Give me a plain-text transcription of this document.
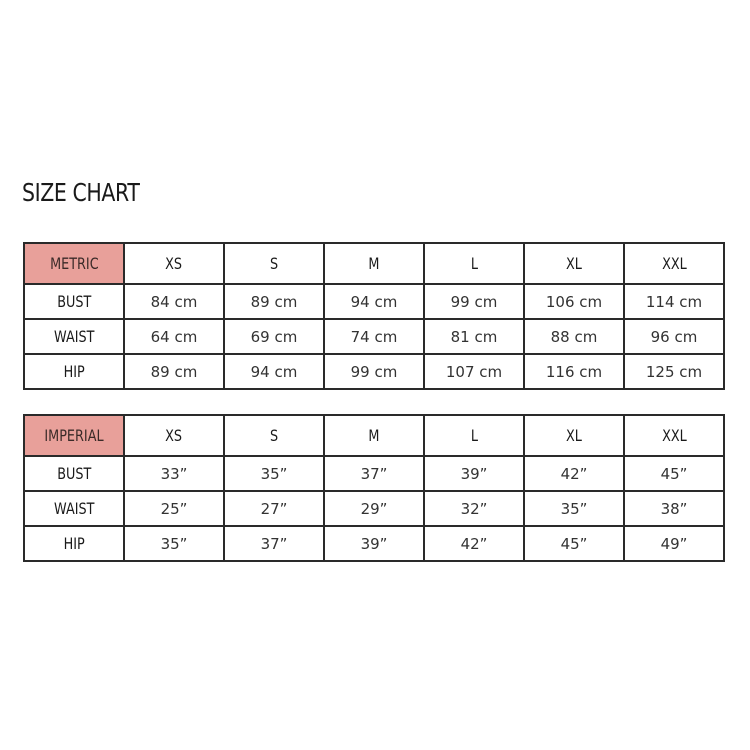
SIZE CHART
METRIC	XS	S	M	L	XL	XXL
BUST	84 cm	89 cm	94 cm	99 cm	106 cm	114 cm
WAIST	64 cm	69 cm	74 cm	81 cm	88 cm	96 cm
HIP	89 cm	94 cm	99 cm	107 cm	116 cm	125 cm
IMPERIAL	XS	S	M	L	XL	XXL
BUST	33”	35”	37”	39”	42”	45”
WAIST	25”	27”	29”	32”	35”	38”
HIP	35”	37”	39”	42”	45”	49”
